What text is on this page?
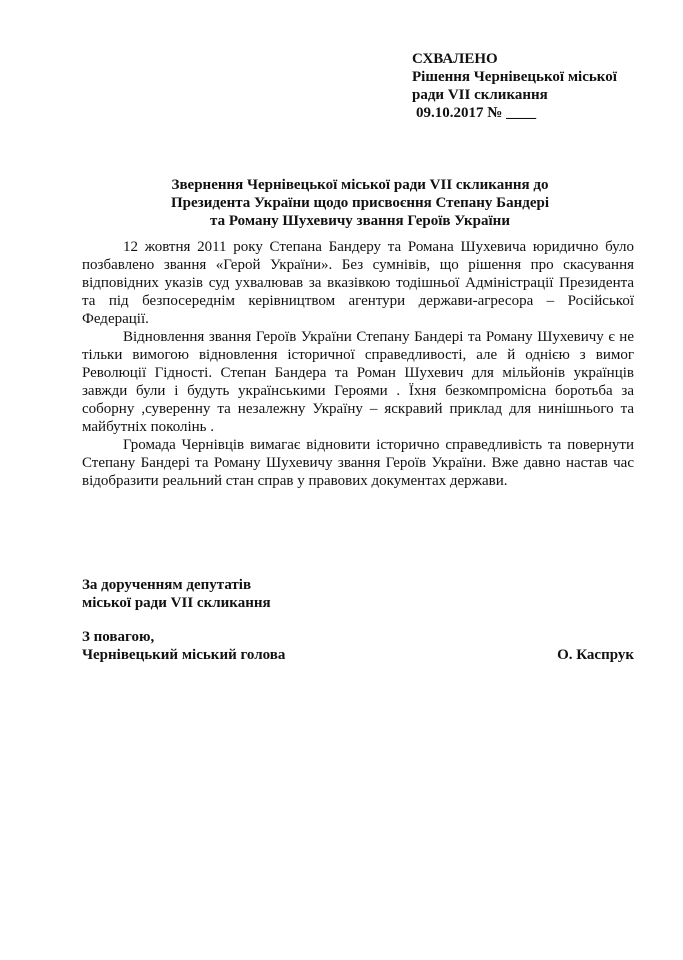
СХВАЛЕНО
Рішення Чернівецької міської
ради VII скликання
09.10.2017 № ____
Звернення Чернівецької міської ради VII скликання до
Президента України щодо присвоєння Степану Бандері
та Роману Шухевичу звання Героїв України

12 жовтня 2011 року Степана Бандеру та Романа Шухевича юридично було позбавлено звання «Герой України». Без сумнівів, що рішення про скасування відповідних указів суд ухвалював за вказівкою тодішньої Адміністрації Президента та під безпосереднім керівництвом агентури держави-агресора – Російської Федерації.

Відновлення звання Героїв України Степану Бандері та Роману Шухевичу є не тільки вимогою відновлення історичної справедливості, але й однією з вимог Революції Гідності. Степан Бандера та Роман Шухевич для мільйонів українців завжди були і будуть українськими Героями . Їхня безкомпромісна боротьба за соборну ,суверенну та незалежну Україну – яскравий приклад для нинішнього та майбутніх поколінь .

Громада Чернівців вимагає відновити історично справедливість та повернути Степану Бандері та Роману Шухевичу звання Героїв України. Вже давно настав час відобразити реальний стан справ у правових документах держави.

За дорученням депутатів
міської ради VII скликання
З повагою,
Чернівецький міський голова	О. Каспрук
